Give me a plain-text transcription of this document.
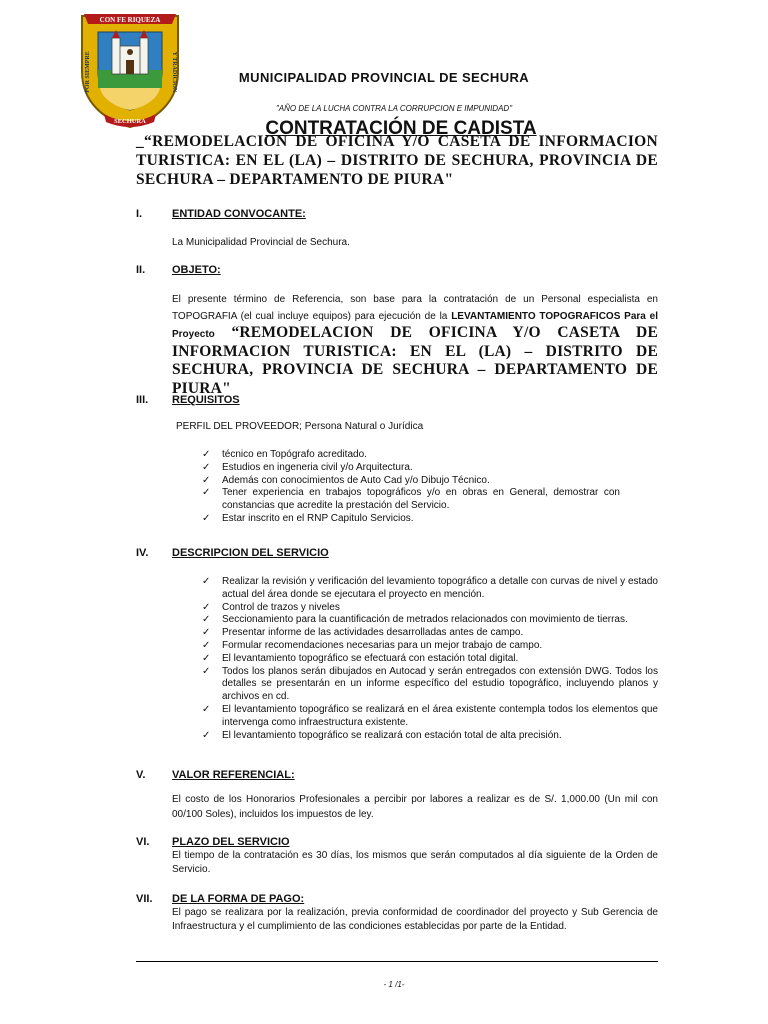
CON FE RIQUEZA
POR SIEMPRE	Y TRADICION
SECHURA
MUNICIPALIDAD PROVINCIAL DE SECHURA
"AÑO DE LA LUCHA CONTRA LA CORRUPCION E IMPUNIDAD"
CONTRATACIÓN DE CADISTA
_“REMODELACION DE OFICINA Y/O CASETA DE INFORMACION TURISTICA: EN EL (LA) – DISTRITO DE SECHURA, PROVINCIA DE SECHURA – DEPARTAMENTO DE PIURA"
I.	ENTIDAD CONVOCANTE:
La Municipalidad Provincial de Sechura.
II. OBJETO:
El presente término de Referencia, son base para la contratación de un Personal especialista en TOPOGRAFIA (el cual incluye equipos) para ejecución de la LEVANTAMIENTO TOPOGRAFICOS Para el Proyecto “REMODELACION DE OFICINA Y/O CASETA DE INFORMACION TURISTICA: EN EL (LA) – DISTRITO DE SECHURA, PROVINCIA DE SECHURA – DEPARTAMENTO DE PIURA"
III. REQUISITOS
PERFIL DEL PROVEEDOR; Persona Natural o Jurídica
✓ técnico en Topógrafo acreditado.
✓ Estudios en ingeneria civil y/o Arquitectura.
✓ Además con conocimientos de Auto Cad y/o Dibujo Técnico.
✓ Tener experiencia en trabajos topográficos y/o en obras en General, demostrar con constancias que acredite la prestación del Servicio.
✓ Estar inscrito en el RNP Capitulo Servicios.
IV. DESCRIPCION DEL SERVICIO
✓ Realizar la revisión y verificación del levamiento topográfico a detalle con curvas de nivel y estado actual del área donde se ejecutara el proyecto en mención.
✓ Control de trazos y niveles
✓ Seccionamiento para la cuantificación de metrados relacionados con movimiento de tierras.
✓ Presentar informe de las actividades desarrolladas antes de campo.
✓ Formular recomendaciones necesarias para un mejor trabajo de campo.
✓ El levantamiento topográfico se efectuará con estación total digital.
✓ Todos los planos serán dibujados en Autocad y serán entregados con extensión DWG. Todos los detalles se presentarán en un informe específico del estudio topográfico, incluyendo planos y archivos en cd.
✓ El levantamiento topográfico se realizará en el área existente contempla todos los elementos que intervenga como infraestructura existente.
✓ El levantamiento topográfico se realizará con estación total de alta precisión.
V. VALOR REFERENCIAL:
El costo de los Honorarios Profesionales a percibir por labores a realizar es de S/. 1,000.00 (Un mil con 00/100 Soles), incluidos los impuestos de ley.
VI. PLAZO DEL SERVICIO
El tiempo de la contratación es 30 días, los mismos que serán computados al día siguiente de la Orden de Servicio.
VII. DE LA FORMA DE PAGO:
El pago se realizara por la realización, previa conformidad de coordinador del proyecto y Sub Gerencia de Infraestructura y el cumplimiento de las condiciones establecidas por parte de la Entidad.
- 1 /1-
